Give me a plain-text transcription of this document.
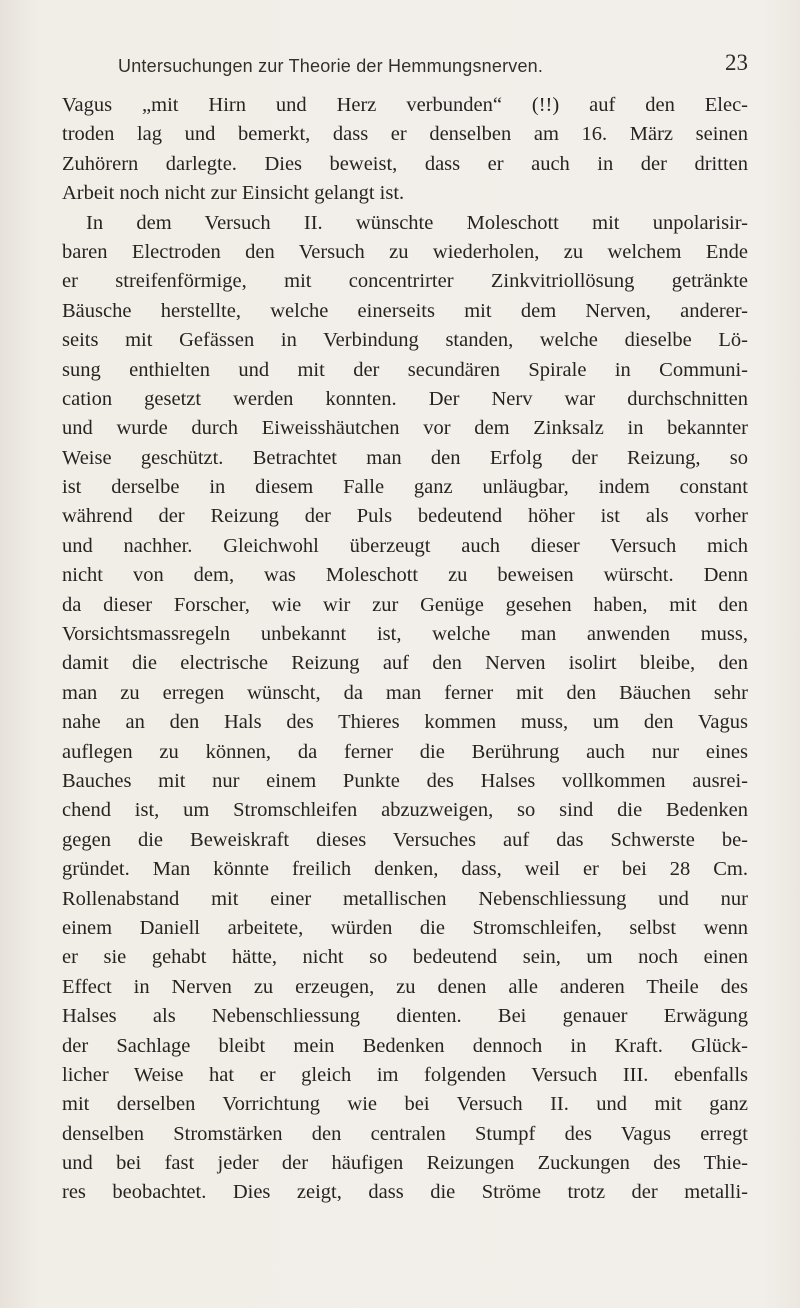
Untersuchungen zur Theorie der Hemmungsnerven.	23
Vagus „mit Hirn und Herz verbunden“ (!!) auf den Elec-
troden lag und bemerkt, dass er denselben am 16. März seinen
Zuhörern darlegte. Dies beweist, dass er auch in der dritten
Arbeit noch nicht zur Einsicht gelangt ist.
In dem Versuch II. wünschte Moleschott mit unpolarisir-
baren Electroden den Versuch zu wiederholen, zu welchem Ende
er streifenförmige, mit concentrirter Zinkvitriollösung getränkte
Bäusche herstellte, welche einerseits mit dem Nerven, anderer-
seits mit Gefässen in Verbindung standen, welche dieselbe Lö-
sung enthielten und mit der secundären Spirale in Communi-
cation gesetzt werden konnten. Der Nerv war durchschnitten
und wurde durch Eiweisshäutchen vor dem Zinksalz in bekannter
Weise geschützt. Betrachtet man den Erfolg der Reizung, so
ist derselbe in diesem Falle ganz unläugbar, indem constant
während der Reizung der Puls bedeutend höher ist als vorher
und nachher. Gleichwohl überzeugt auch dieser Versuch mich
nicht von dem, was Moleschott zu beweisen würscht. Denn
da dieser Forscher, wie wir zur Genüge gesehen haben, mit den
Vorsichtsmassregeln unbekannt ist, welche man anwenden muss,
damit die electrische Reizung auf den Nerven isolirt bleibe, den
man zu erregen wünscht, da man ferner mit den Bäuchen sehr
nahe an den Hals des Thieres kommen muss, um den Vagus
auflegen zu können, da ferner die Berührung auch nur eines
Bauches mit nur einem Punkte des Halses vollkommen ausrei-
chend ist, um Stromschleifen abzuzweigen, so sind die Bedenken
gegen die Beweiskraft dieses Versuches auf das Schwerste be-
gründet. Man könnte freilich denken, dass, weil er bei 28 Cm.
Rollenabstand mit einer metallischen Nebenschliessung und nur
einem Daniell arbeitete, würden die Stromschleifen, selbst wenn
er sie gehabt hätte, nicht so bedeutend sein, um noch einen
Effect in Nerven zu erzeugen, zu denen alle anderen Theile des
Halses als Nebenschliessung dienten. Bei genauer Erwägung
der Sachlage bleibt mein Bedenken dennoch in Kraft. Glück-
licher Weise hat er gleich im folgenden Versuch III. ebenfalls
mit derselben Vorrichtung wie bei Versuch II. und mit ganz
denselben Stromstärken den centralen Stumpf des Vagus erregt
und bei fast jeder der häufigen Reizungen Zuckungen des Thie-
res beobachtet. Dies zeigt, dass die Ströme trotz der metalli-
